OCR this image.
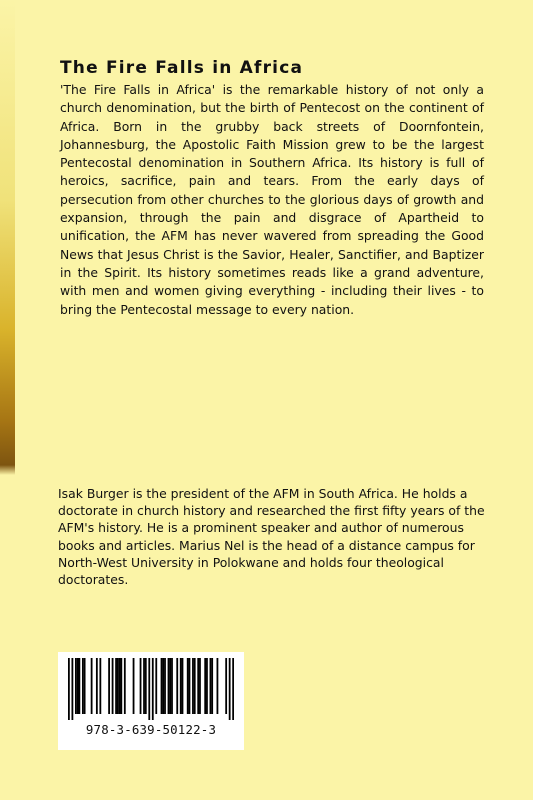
The Fire Falls in Africa

'The Fire Falls in Africa' is the remarkable history of not only a church denomination, but the birth of Pentecost on the continent of Africa. Born in the grubby back streets of Doornfontein, Johannesburg, the Apostolic Faith Mission grew to be the largest Pentecostal denomination in Southern Africa. Its history is full of heroics, sacrifice, pain and tears. From the early days of persecution from other churches to the glorious days of growth and expansion, through the pain and disgrace of Apartheid to unification, the AFM has never wavered from spreading the Good News that Jesus Christ is the Savior, Healer, Sanctifier, and Baptizer in the Spirit. Its history sometimes reads like a grand adventure, with men and women giving everything - including their lives - to bring the Pentecostal message to every nation.

Isak Burger is the president of the AFM in South Africa. He holds a doctorate in church history and researched the first fifty years of the AFM's history. He is a prominent speaker and author of numerous books and articles. Marius Nel is the head of a distance campus for North-West University in Polokwane and holds four theological doctorates.

978-3-639-50122-3
